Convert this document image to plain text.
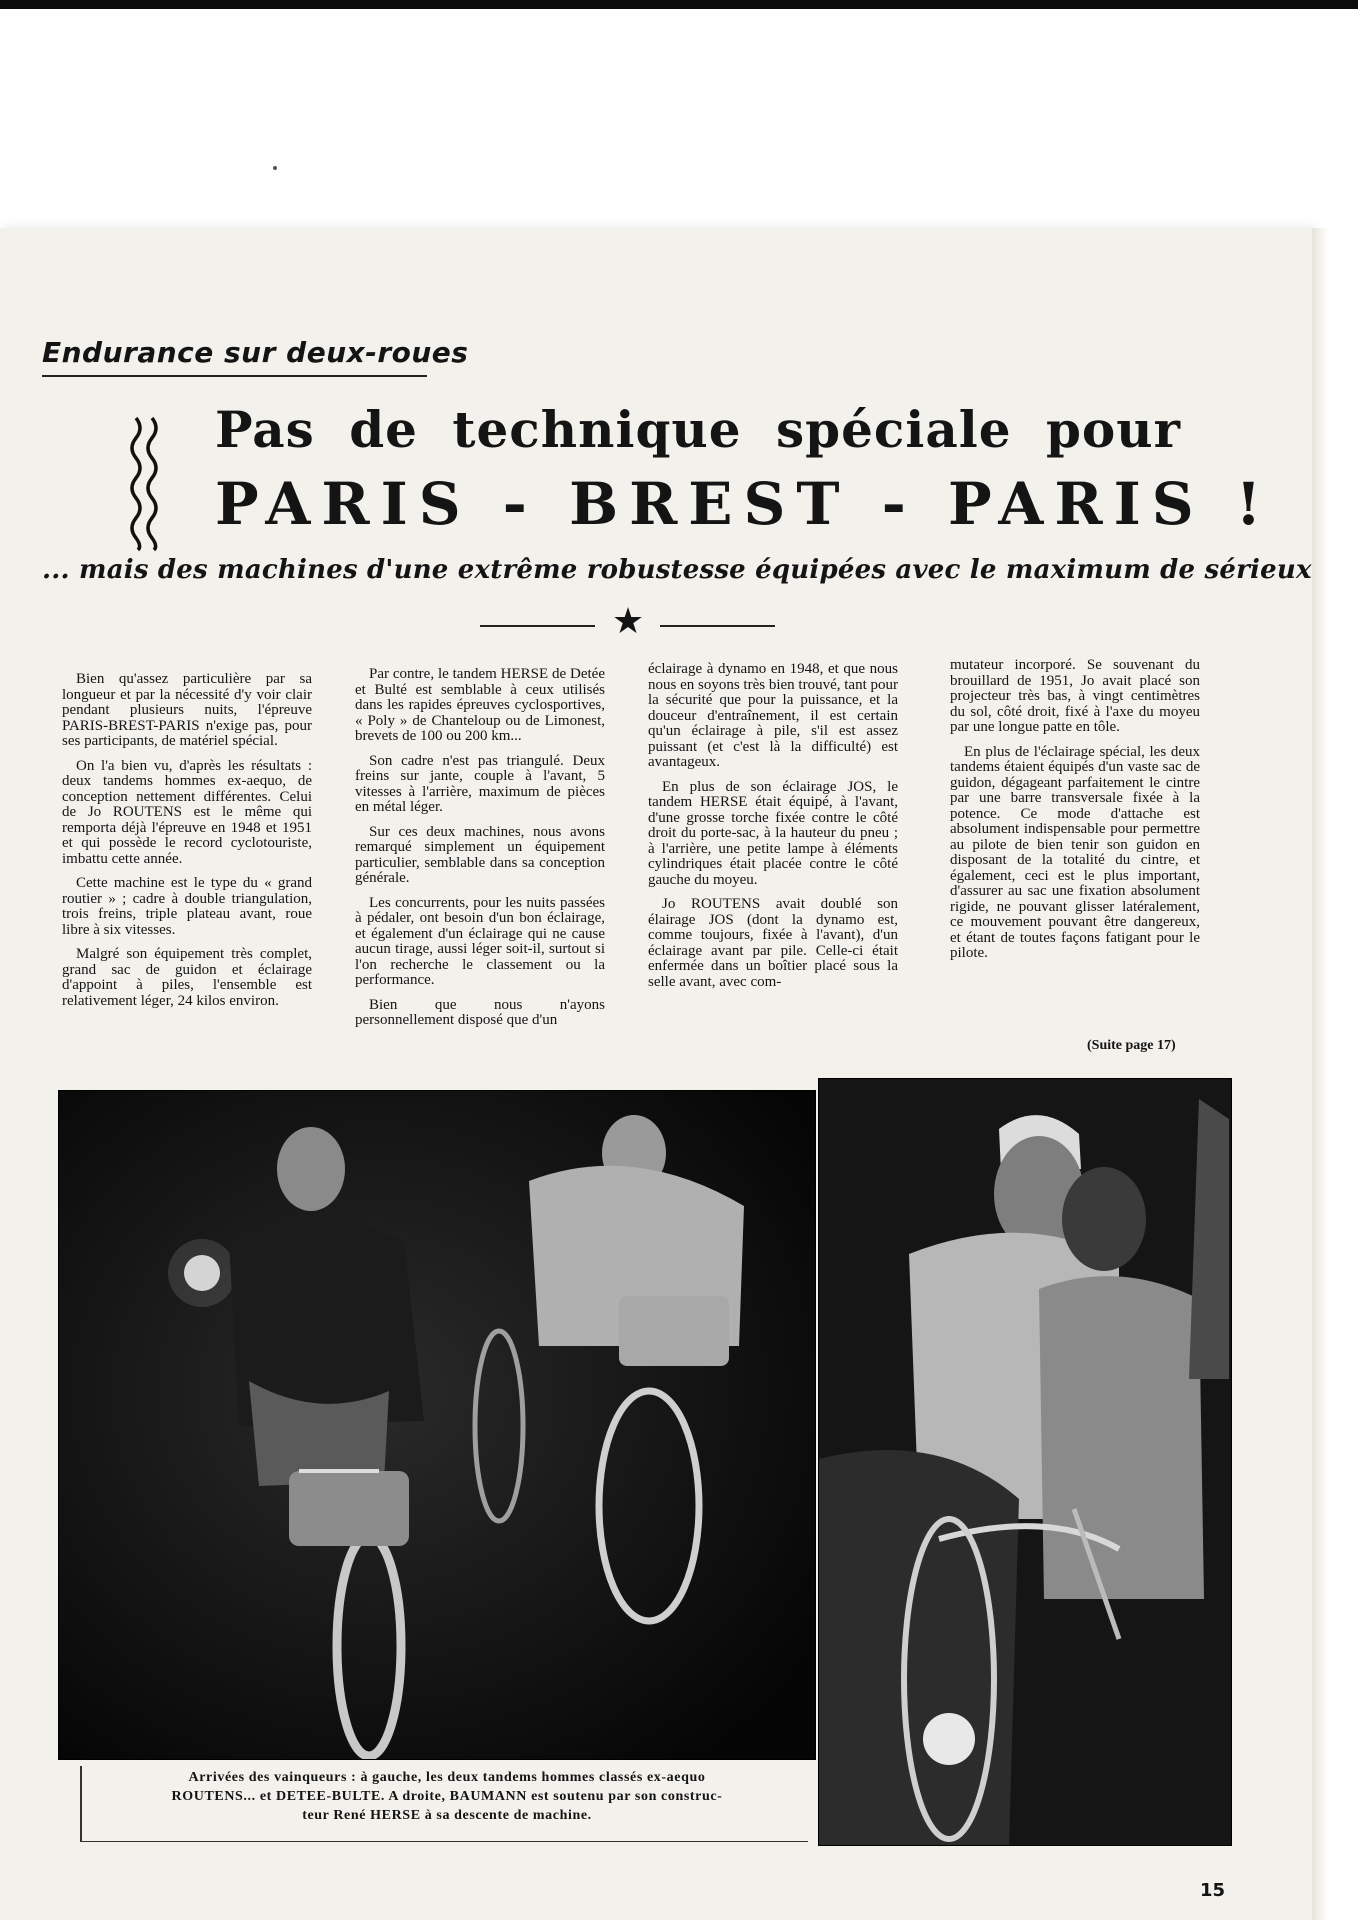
Endurance sur deux-roues
Pas de technique spéciale pour
PARIS - BREST - PARIS !
... mais des machines d'une extrême robustesse équipées avec le maximum de sérieux
★

Bien qu'assez particulière par sa longueur et par la nécessité d'y voir clair pendant plusieurs nuits, l'épreuve PARIS-BREST-PARIS n'exige pas, pour ses participants, de matériel spécial.

On l'a bien vu, d'après les résultats : deux tandems hommes ex-aequo, de conception nettement différentes. Celui de Jo ROUTENS est le même qui remporta déjà l'épreuve en 1948 et 1951 et qui possède le record cyclotouriste, imbattu cette année.

Cette machine est le type du « grand routier » ; cadre à double triangulation, trois freins, triple plateau avant, roue libre à six vitesses.

Malgré son équipement très complet, grand sac de guidon et éclairage d'appoint à piles, l'ensemble est relativement léger, 24 kilos environ.

Par contre, le tandem HERSE de Detée et Bulté est semblable à ceux utilisés dans les rapides épreuves cyclosportives, « Poly » de Chanteloup ou de Limonest, brevets de 100 ou 200 km...

Son cadre n'est pas triangulé. Deux freins sur jante, couple à l'avant, 5 vitesses à l'arrière, maximum de pièces en métal léger.

Sur ces deux machines, nous avons remarqué simplement un équipement particulier, semblable dans sa conception générale.

Les concurrents, pour les nuits passées à pédaler, ont besoin d'un bon éclairage, et également d'un éclairage qui ne cause aucun tirage, aussi léger soit-il, surtout si l'on recherche le classement ou la performance.

Bien que nous n'ayons personnellement disposé que d'un

éclairage à dynamo en 1948, et que nous nous en soyons très bien trouvé, tant pour la sécurité que pour la puissance, et la douceur d'entraînement, il est certain qu'un éclairage à pile, s'il est assez puissant (et c'est là la difficulté) est avantageux.

En plus de son éclairage JOS, le tandem HERSE était équipé, à l'avant, d'une grosse torche fixée contre le côté droit du porte-sac, à la hauteur du pneu ; à l'arrière, une petite lampe à éléments cylindriques était placée contre le côté gauche du moyeu.

Jo ROUTENS avait doublé son élairage JOS (dont la dynamo est, comme toujours, fixée à l'avant), d'un éclairage avant par pile. Celle-ci était enfermée dans un boîtier placé sous la selle avant, avec com-

mutateur incorporé. Se souvenant du brouillard de 1951, Jo avait placé son projecteur très bas, à vingt centimètres du sol, côté droit, fixé à l'axe du moyeu par une longue patte en tôle.

En plus de l'éclairage spécial, les deux tandems étaient équipés d'un vaste sac de guidon, dégageant parfaitement le cintre par une barre transversale fixée à la potence. Ce mode d'attache est absolument indispensable pour permettre au pilote de bien tenir son guidon en disposant de la totalité du cintre, et également, ceci est le plus important, d'assurer au sac une fixation absolument rigide, ne pouvant glisser latéralement, ce mouvement pouvant être dangereux, et étant de toutes façons fatigant pour le pilote.

(Suite page 17)
Arrivées des vainqueurs : à gauche, les deux tandems hommes classés ex-aequo
ROUTENS... et DETEE-BULTE. A droite, BAUMANN est soutenu par son construc-
teur René HERSE à sa descente de machine.
15
